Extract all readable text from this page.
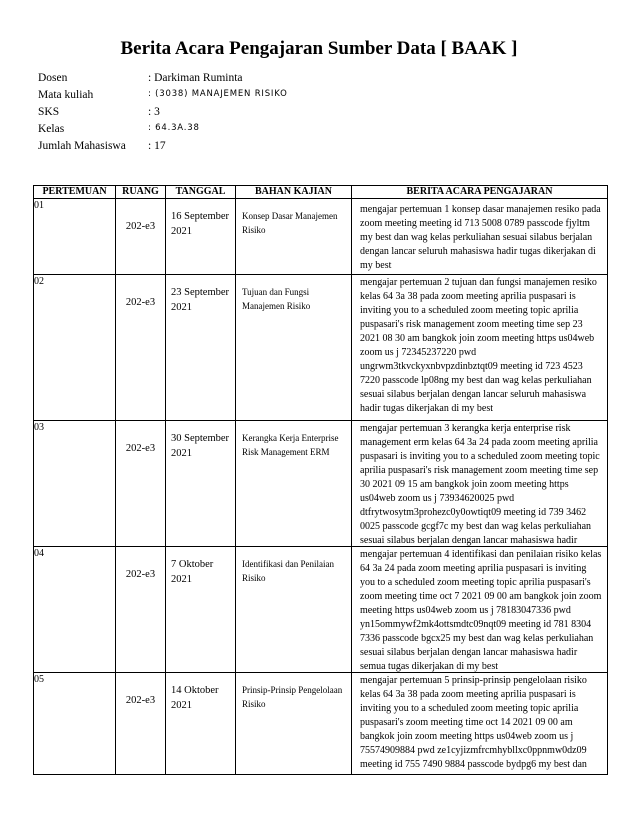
Berita Acara Pengajaran Sumber Data [ BAAK ]
Dosen	: Darkiman Ruminta
Mata kuliah	: (3038) MANAJEMEN RISIKO
SKS	: 3
Kelas	: 64.3A.38
Jumlah Mahasiswa	: 17
PERTEMUAN	RUANG	TANGGAL	BAHAN KAJIAN	BERITA ACARA PENGAJARAN
01	202-e3	16 September 2021	Konsep Dasar Manajemen Risiko	mengajar pertemuan 1 konsep dasar manajemen resiko pada zoom meeting meeting id 713 5008 0789 passcode fjyltm my best dan wag kelas perkuliahan sesuai silabus berjalan dengan lancar seluruh mahasiswa hadir tugas dikerjakan di my best

02	202-e3	23 September 2021	Tujuan dan Fungsi Manajemen Risiko	mengajar pertemuan 2 tujuan dan fungsi manajemen resiko kelas 64 3a 38 pada zoom meeting aprilia puspasari is inviting you to a scheduled zoom meeting topic aprilia puspasari's risk management zoom meeting time sep 23 2021 08 30 am bangkok join zoom meeting https us04web zoom us j 72345237220 pwd ungrwm3tkvckyxnbvpzdinbztqt09 meeting id 723 4523 7220 passcode lp08ng my best dan wag kelas perkuliahan sesuai silabus berjalan dengan lancar seluruh mahasiswa hadir tugas dikerjakan di my best

03	202-e3	30 September 2021	Kerangka Kerja Enterprise Risk Management ERM	mengajar pertemuan 3 kerangka kerja enterprise risk management erm kelas 64 3a 24 pada zoom meeting aprilia puspasari is inviting you to a scheduled zoom meeting topic aprilia puspasari's risk management zoom meeting time sep 30 2021 09 15 am bangkok join zoom meeting https us04web zoom us j 73934620025 pwd dtfrytwosytm3prohezc0y0owtiqt09 meeting id 739 3462 0025 passcode gcgf7c my best dan wag kelas perkuliahan sesuai silabus berjalan dengan lancar mahasiswa hadir

04	202-e3	7 Oktober 2021	Identifikasi dan Penilaian Risiko	mengajar pertemuan 4 identifikasi dan penilaian risiko kelas 64 3a 24 pada zoom meeting aprilia puspasari is inviting you to a scheduled zoom meeting topic aprilia puspasari's zoom meeting time oct 7 2021 09 00 am bangkok join zoom meeting https us04web zoom us j 78183047336 pwd yn15ommywf2mk4ottsmdtc09nqt09 meeting id 781 8304 7336 passcode bgcx25 my best dan wag kelas perkuliahan sesuai silabus berjalan dengan lancar mahasiswa hadir semua tugas dikerjakan di my best

05	202-e3	14 Oktober 2021	Prinsip-Prinsip Pengelolaan Risiko	mengajar pertemuan 5 prinsip-prinsip pengelolaan risiko kelas 64 3a 38 pada zoom meeting aprilia puspasari is inviting you to a scheduled zoom meeting topic aprilia puspasari's zoom meeting time oct 14 2021 09 00 am bangkok join zoom meeting https us04web zoom us j 75574909884 pwd ze1cyjizmfrcmhybllxc0ppnmw0dz09 meeting id 755 7490 9884 passcode bydpg6 my best dan
